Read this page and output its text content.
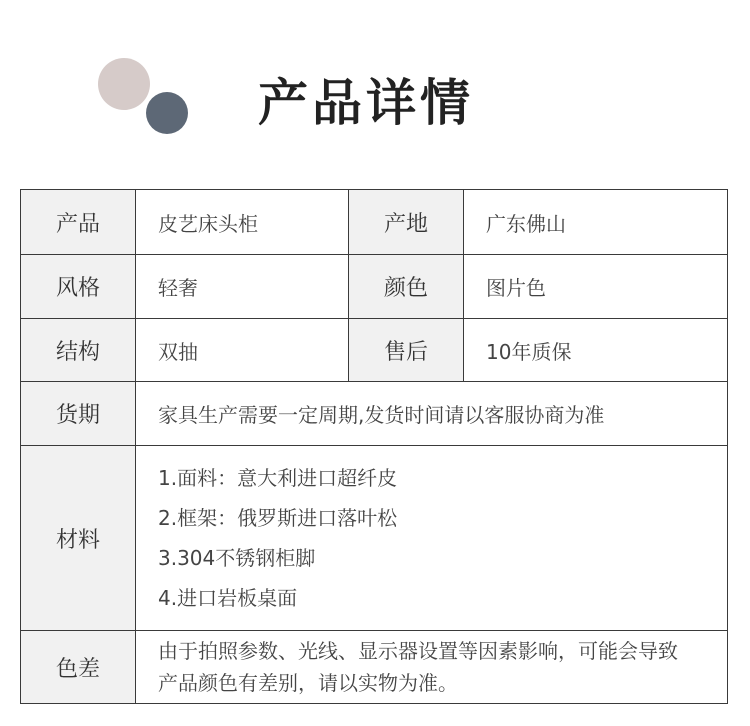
产品详情
产品	皮艺床头柜	产地	广东佛山
风格	轻奢	颜色	图片色
结构	双抽	售后	10年质保
货期	家具生产需要一定周期,发货时间请以客服协商为准		
材料	1.面料：意大利进口超纤皮
2.框架：俄罗斯进口落叶松
3.304不锈钢柜脚
4.进口岩板桌面		

色差	由于拍照参数、光线、显示器设置等因素影响，可能会导致
产品颜色有差别，请以实物为准。		
